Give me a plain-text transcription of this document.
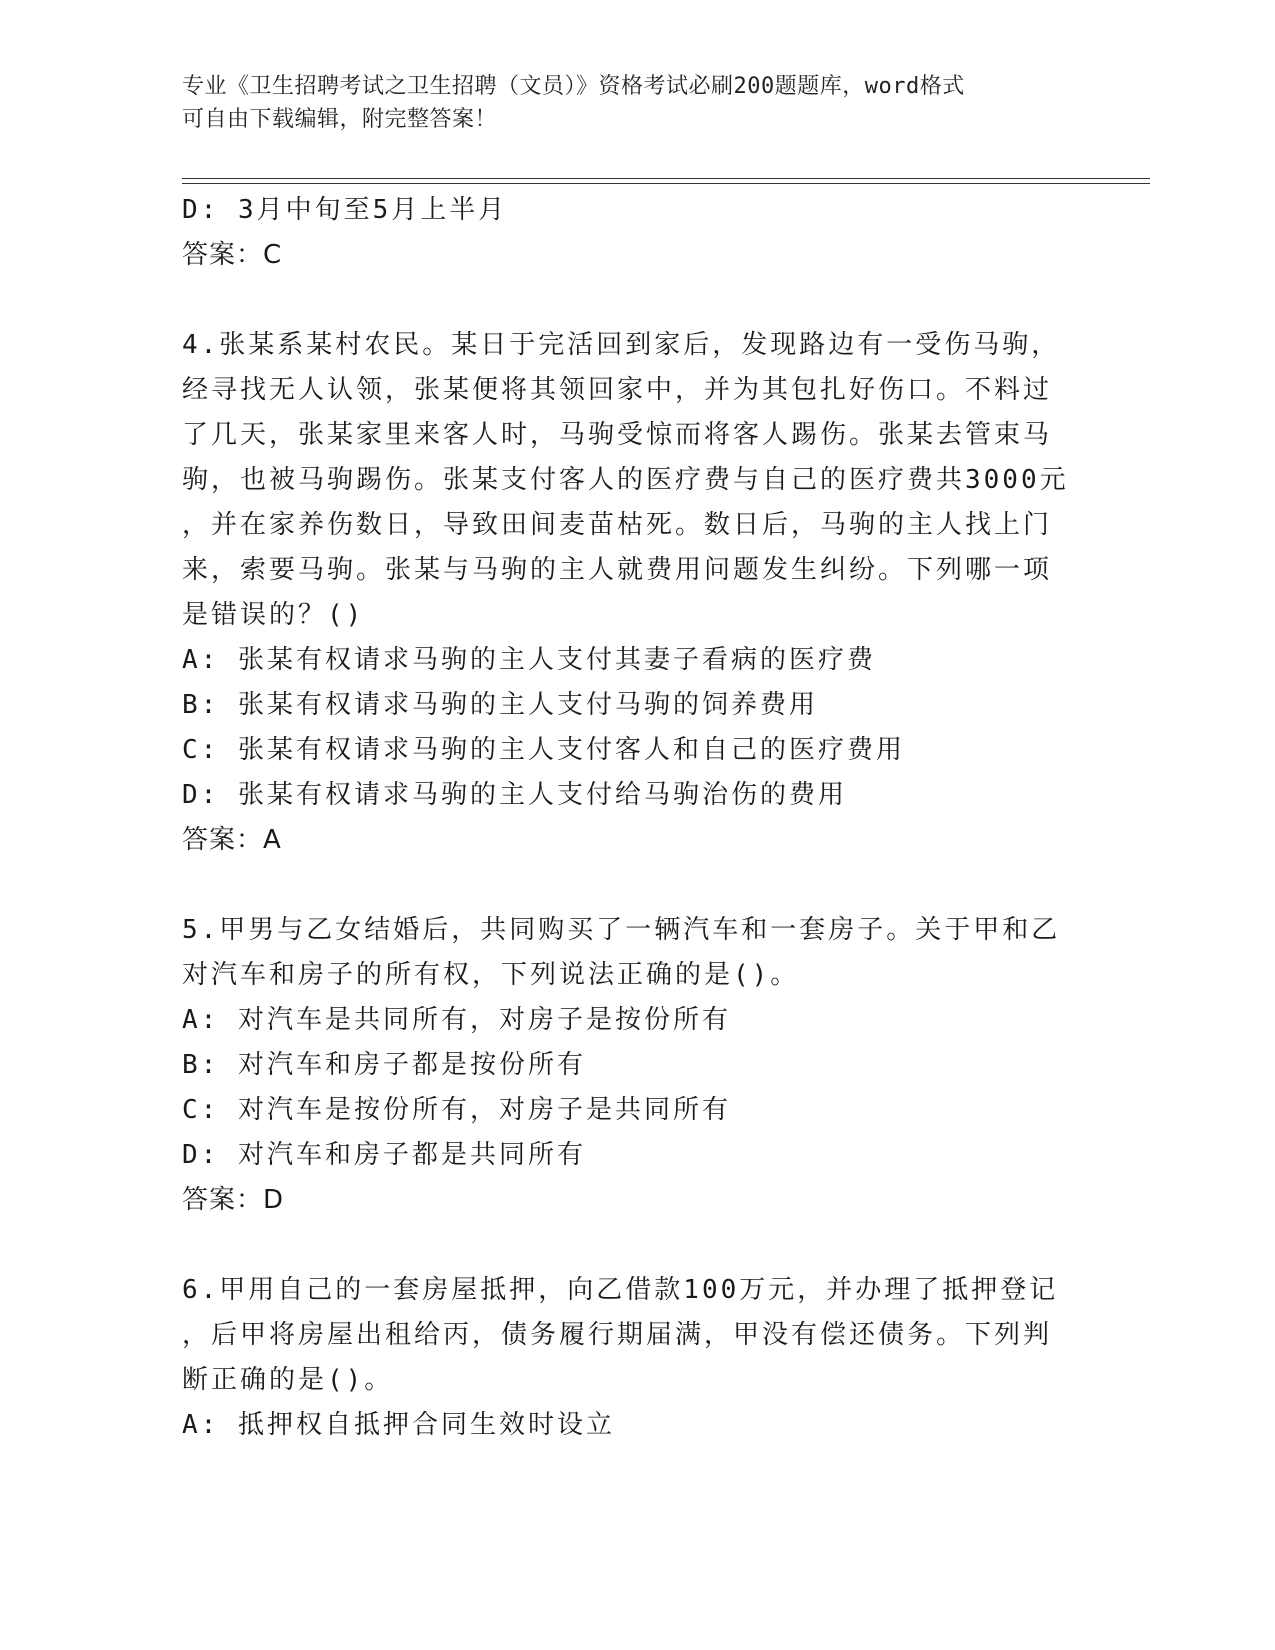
专业《卫生招聘考试之卫生招聘（文员）》资格考试必刷200题题库，word格式
可自由下载编辑，附完整答案！
D: 3月中旬至5月上半月
答案：C
4.张某系某村农民。某日于完活回到家后，发现路边有一受伤马驹，
经寻找无人认领，张某便将其领回家中，并为其包扎好伤口。不料过
了几天，张某家里来客人时，马驹受惊而将客人踢伤。张某去管束马
驹，也被马驹踢伤。张某支付客人的医疗费与自己的医疗费共3000元
，并在家养伤数日，导致田间麦苗枯死。数日后，马驹的主人找上门
来，索要马驹。张某与马驹的主人就费用问题发生纠纷。下列哪一项
是错误的？()
A: 张某有权请求马驹的主人支付其妻子看病的医疗费
B: 张某有权请求马驹的主人支付马驹的饲养费用
C: 张某有权请求马驹的主人支付客人和自己的医疗费用
D: 张某有权请求马驹的主人支付给马驹治伤的费用
答案：A
5.甲男与乙女结婚后，共同购买了一辆汽车和一套房子。关于甲和乙
对汽车和房子的所有权，下列说法正确的是()。
A: 对汽车是共同所有，对房子是按份所有
B: 对汽车和房子都是按份所有
C: 对汽车是按份所有，对房子是共同所有
D: 对汽车和房子都是共同所有
答案：D
6.甲用自己的一套房屋抵押，向乙借款100万元，并办理了抵押登记
，后甲将房屋出租给丙，债务履行期届满，甲没有偿还债务。下列判
断正确的是()。
A: 抵押权自抵押合同生效时设立
